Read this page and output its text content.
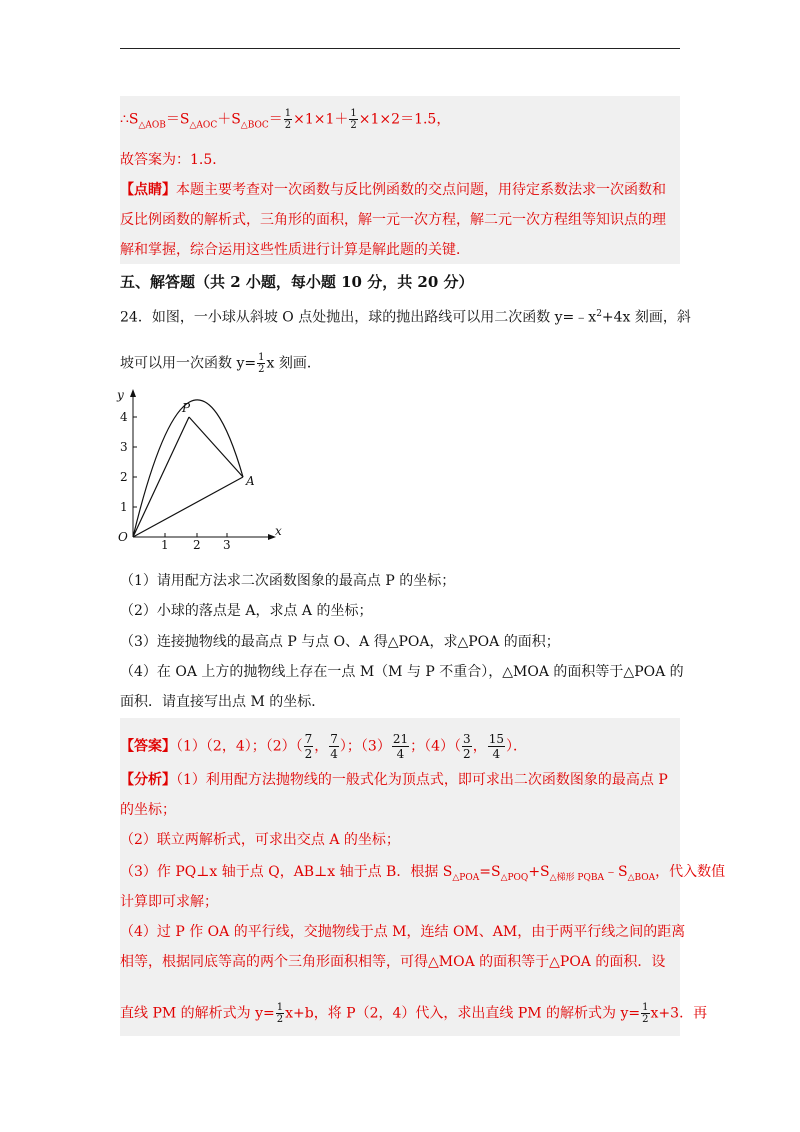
$\therefore S_{\triangle AOB}=S_{\triangle AOC}+S_{\triangle BOC}= \frac{1}{2} \times 1\times 1+ \frac{1}{2} \times 1\times 2=1.5$，
故答案为：1.5．
【点睛】本题主要考查对一次函数与反比例函数的交点问题，用待定系数法求一次函数和
反比例函数的解析式，三角形的面积，解一元一次方程，解二元一次方程组等知识点的理
解和掌握，综合运用这些性质进行计算是解此题的关键．
五、解答题（共 2 小题，每小题 10 分，共 20 分）
24．如图，一小球从斜坡 O 点处抛出，球的抛出路线可以用二次函数 $y=﹣x^2+4x$ 刻画，斜
坡可以用一次函数 $y= \frac{1}{2}$ x 刻画．
y
x
O
4
3
2
1
1 2 3
P
A
（1）请用配方法求二次函数图象的最高点 P 的坐标；
（2）小球的落点是 A，求点 A 的坐标；
（3）连接抛物线的最高点 P 与点 O、A 得△POA，求△POA 的面积；
（4）在 OA 上方的抛物线上存在一点 M（M 与 P 不重合），△MOA 的面积等于△POA 的
面积．请直接写出点 M 的坐标．
【答案】（1）（2，4）；$(2)( \frac{7}{2}$ ， $\frac{7}{4}$ ）；$(3) \frac{21}{4}$ ；$(4)( \frac{3}{2}$ ， $\frac{15}{4}$ ）．
【分析】（1）利用配方法抛物线的一般式化为顶点式，即可求出二次函数图象的最高点 P
的坐标；
（2）联立两解析式，可求出交点 A 的坐标；
（3）作 PQ⊥x 轴于点 Q，AB⊥x 轴于点 B．根据 $S_{\triangle POA}=S_{\triangle POQ}+S_{\triangle 梯形 PQBA}﹣S_{\triangle BOA}$，代入数值
计算即可求解；
（4）过 P 作 OA 的平行线，交抛物线于点 M，连结 OM、AM，由于两平行线之间的距离
相等，根据同底等高的两个三角形面积相等，可得△MOA 的面积等于△POA 的面积．设
直线 PM 的解析式为 $y= \frac{1}{2} x+b$，将 P（2，4）代入，求出直线 PM 的解析式为 $y= \frac{1}{2} x+3$．再
